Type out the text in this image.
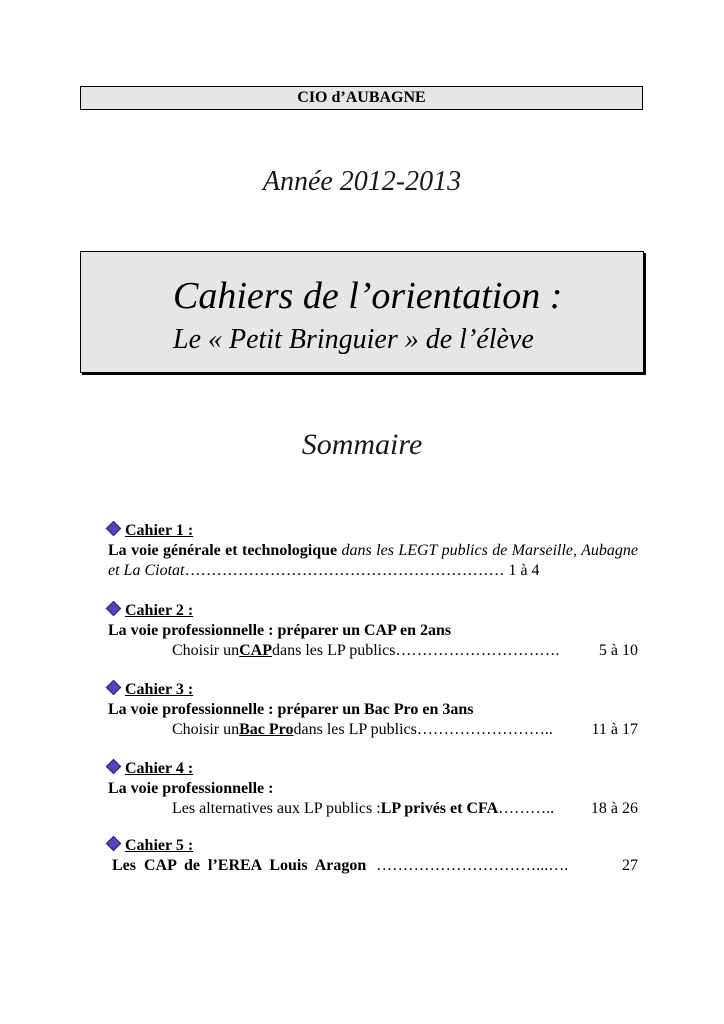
CIO d’AUBAGNE
Année 2012-2013
Cahiers de l’orientation :
Le « Petit Bringuier » de l’élève
Sommaire
Cahier 1 :
La voie générale et technologique dans les LEGT publics de Marseille, Aubagne et La Ciotat…………………………………………………… 1 à 4
Cahier 2 :
La voie professionnelle : préparer un CAP en 2ans
Choisir un CAP dans les LP publics ………………………….	5 à 10
Cahier 3 :
La voie professionnelle : préparer un Bac Pro en 3ans
Choisir un Bac Pro dans les LP publics ……………………..	11 à 17
Cahier 4 :
La voie professionnelle :
Les alternatives aux LP publics : LP privés et CFA ………..	18 à 26
Cahier 5 :
Les  CAP  de  l’EREA  Louis  Aragon …………………………...….	27
